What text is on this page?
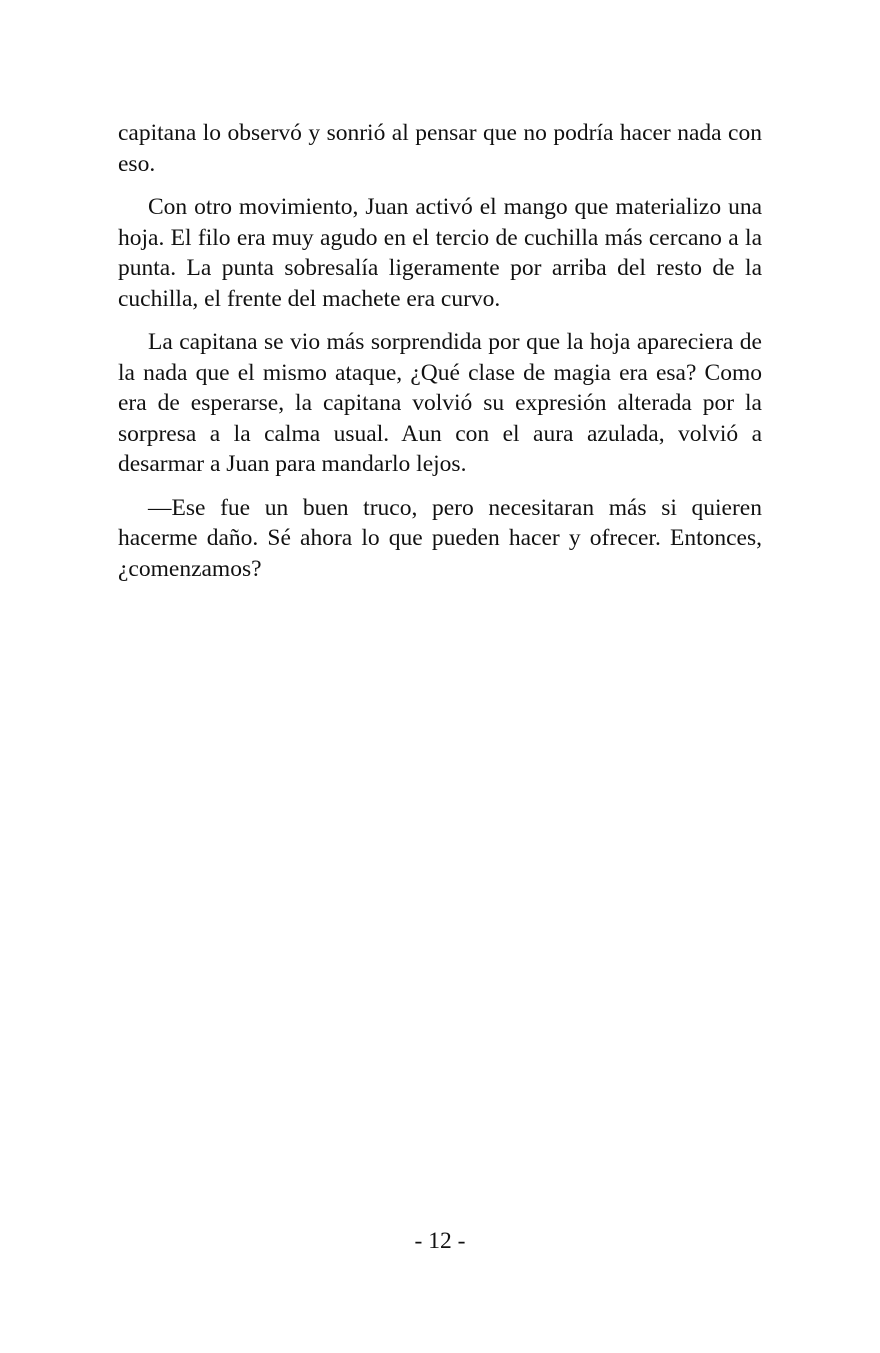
capitana lo observó y sonrió al pensar que no podría hacer nada con eso.

Con otro movimiento, Juan activó el mango que materializo una hoja. El filo era muy agudo en el tercio de cuchilla más cercano a la punta. La punta sobresalía ligeramente por arriba del resto de la cuchilla, el frente del machete era curvo.

La capitana se vio más sorprendida por que la hoja apareciera de la nada que el mismo ataque, ¿Qué clase de magia era esa? Como era de esperarse, la capitana volvió su expresión alterada por la sorpresa a la calma usual. Aun con el aura azulada, volvió a desarmar a Juan para mandarlo lejos.

—Ese fue un buen truco, pero necesitaran más si quieren hacerme daño. Sé ahora lo que pueden hacer y ofrecer. Entonces, ¿comenzamos?

- 12 -
